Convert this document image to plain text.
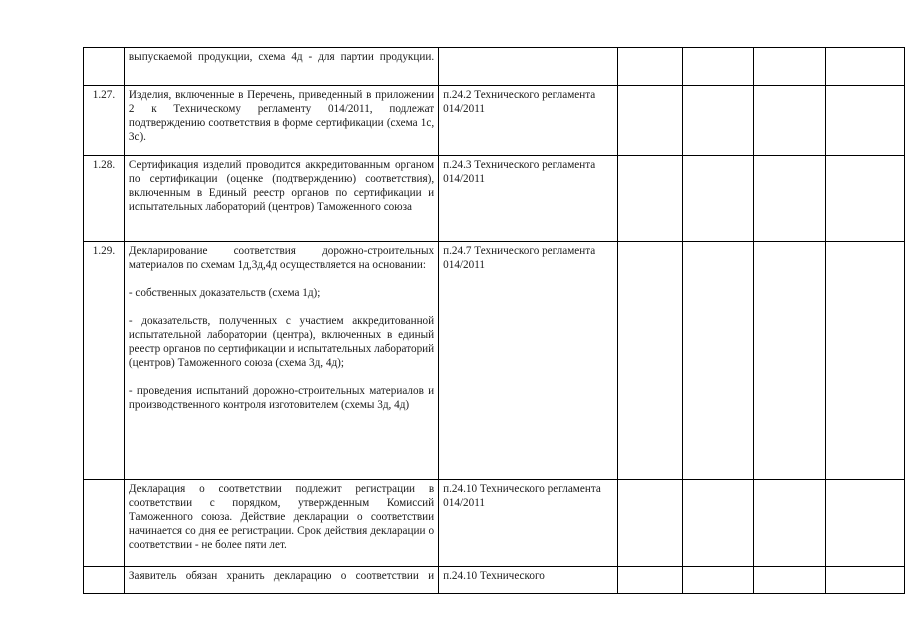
	выпускаемой продукции, схема 4д - для партии продукции.					

1.27.	Изделия, включенные в Перечень, приведенный в приложении 2 к Техническому регламенту 014/2011, подлежат подтверждению соответствия в форме сертификации (схема 1с, 3с).	п.24.2 Технического регламента 014/2011				
1.28.	Сертификация изделий проводится аккредитованным органом по сертификации (оценке (подтверждению) соответствия), включенным в Единый реестр органов по сертификации и испытательных лабораторий (центров) Таможенного союза	п.24.3 Технического регламента 014/2011				
1.29.	Декларирование соответствия дорожно-строительных материалов по схемам 1д,3д,4д осуществляется на основании:

- собственных доказательств (схема 1д);

- доказательств, полученных с участием аккредитованной испытательной лаборатории (центра), включенных в единый реестр органов по сертификации и испытательных лабораторий (центров) Таможенного союза (схема 3д, 4д);

- проведения испытаний дорожно-строительных материалов и производственного контроля изготовителем (схемы 3д, 4д)	п.24.7 Технического регламента 014/2011				

	Декларация о соответствии подлежит регистрации в соответствии с порядком, утвержденным Комиссий Таможенного союза. Действие декларации о соответствии начинается со дня ее регистрации. Срок действия декларации о соответствии - не более пяти лет.	п.24.10 Технического регламента 014/2011				

	Заявитель обязан хранить декларацию о соответствии и	п.24.10 Технического				
